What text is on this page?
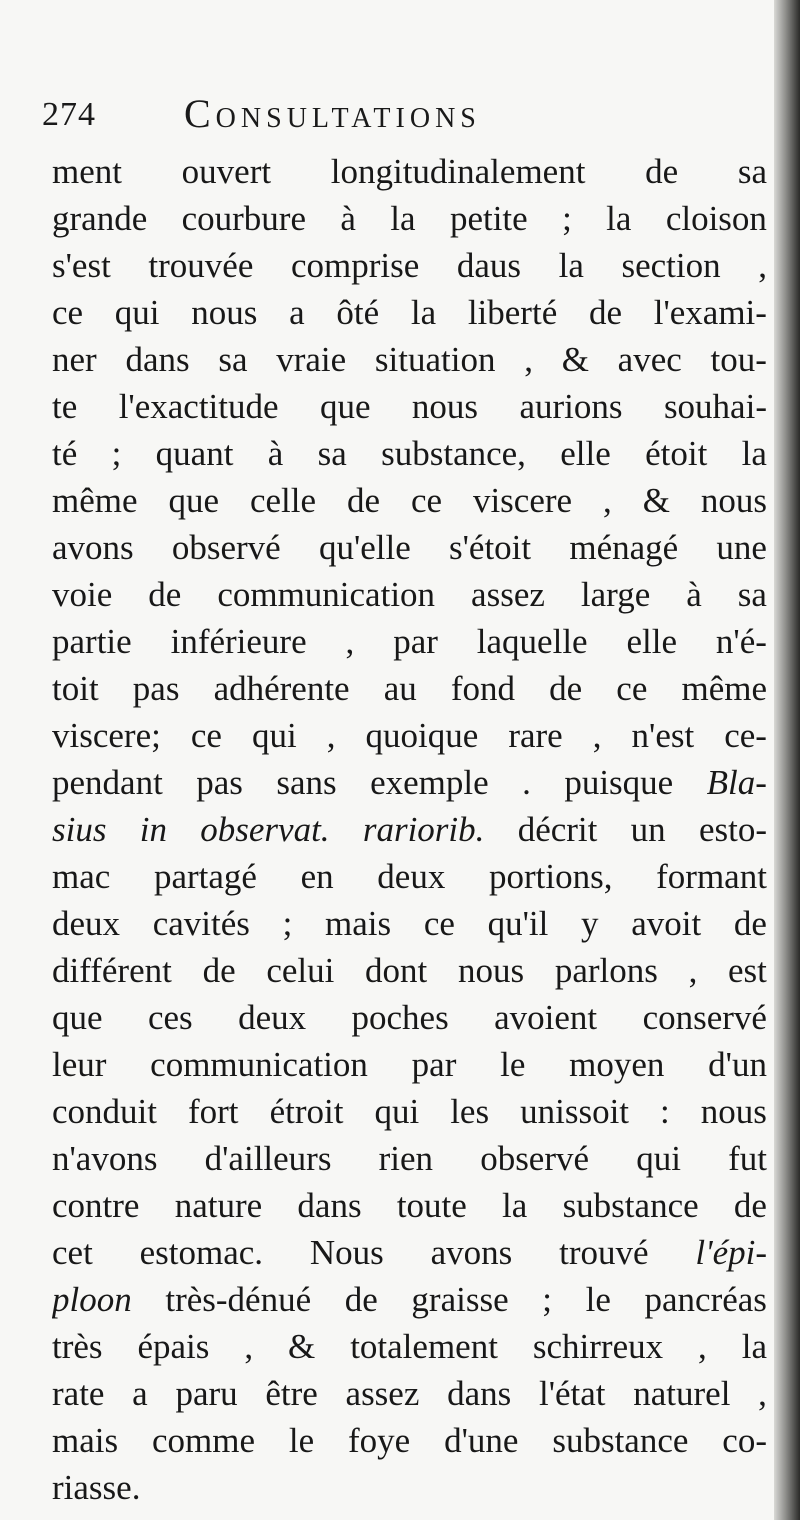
274 Consultations
ment ouvert longitudinalement de sa
grande courbure à la petite ; la cloison
s'est trouvée comprise daus la section ,
ce qui nous a ôté la liberté de l'exami-
ner dans sa vraie situation , & avec tou-
te l'exactitude que nous aurions souhai-
té ; quant à sa substance, elle étoit la
même que celle de ce viscere , & nous
avons observé qu'elle s'étoit ménagé une
voie de communication assez large à sa
partie inférieure , par laquelle elle n'é-
toit pas adhérente au fond de ce même
viscere; ce qui , quoique rare , n'est ce-
pendant pas sans exemple . puisque Bla-
sius in observat. rariorib. décrit un esto-
mac partagé en deux portions, formant
deux cavités ; mais ce qu'il y avoit de
différent de celui dont nous parlons , est
que ces deux poches avoient conservé
leur communication par le moyen d'un
conduit fort étroit qui les unissoit : nous
n'avons d'ailleurs rien observé qui fut
contre nature dans toute la substance de
cet estomac. Nous avons trouvé l'épi-
ploon très-dénué de graisse ; le pancréas
très épais , & totalement schirreux , la
rate a paru être assez dans l'état naturel ,
mais comme le foye d'une substance co-
riasse.
